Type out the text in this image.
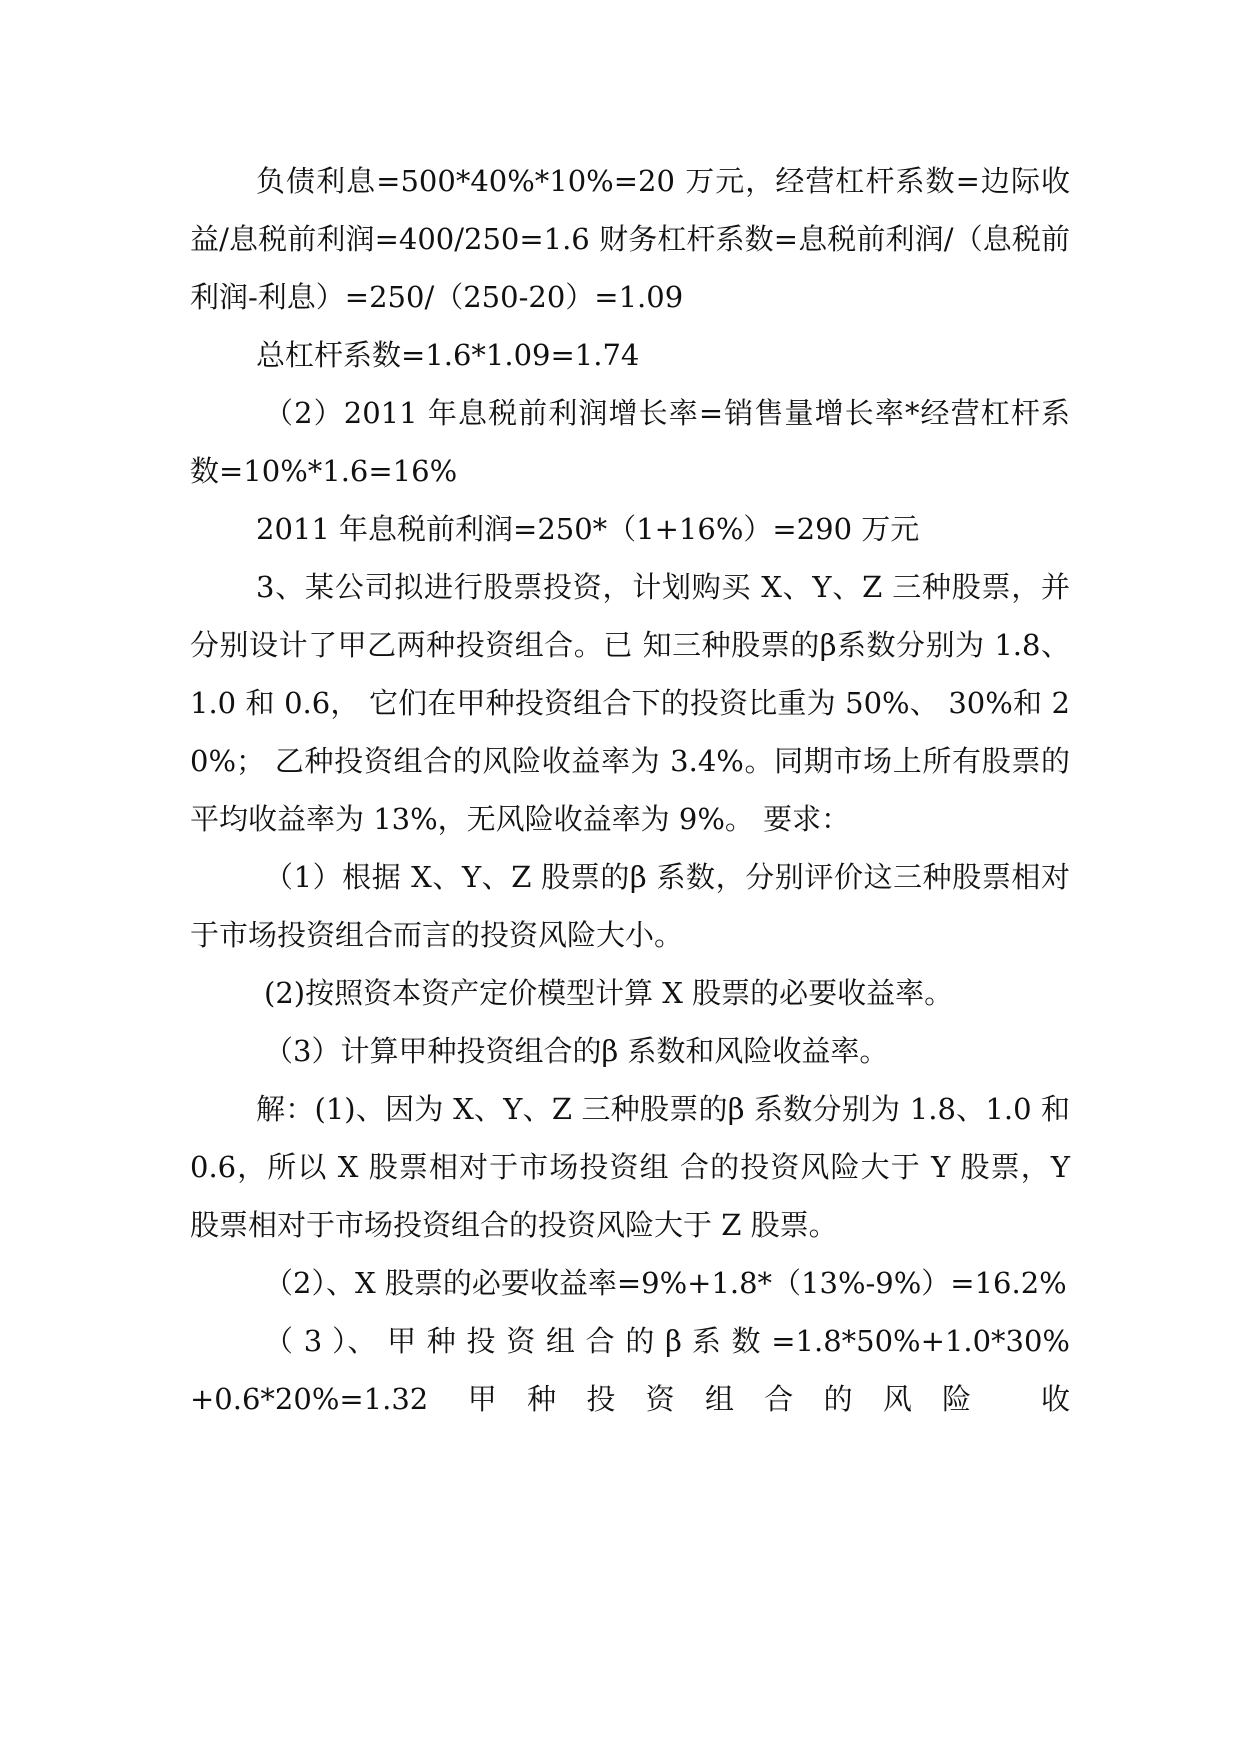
负债利息=500*40%*10%=20 万元，经营杠杆系数=边际收益/息税前利润=400/250=1.6 财务杠杆系数=息税前利润/（息税前利润-利息）=250/（250-20）=1.09

总杠杆系数=1.6*1.09=1.74

（2）2011 年息税前利润增长率=销售量增长率*经营杠杆系数=10%*1.6=16%

2011 年息税前利润=250*（1+16%）=290 万元

3、某公司拟进行股票投资，计划购买 X、Y、Z 三种股票，并分别设计了甲乙两种投资组合。已 知三种股票的β系数分别为 1.8、 1.0 和 0.6， 它们在甲种投资组合下的投资比重为 50%、 30%和 20%； 乙种投资组合的风险收益率为 3.4%。同期市场上所有股票的平均收益率为 13%，无风险收益率为 9%。 要求：

（1）根据 X、Y、Z 股票的β 系数，分别评价这三种股票相对于市场投资组合而言的投资风险大小。

(2)按照资本资产定价模型计算 X 股票的必要收益率。

（3）计算甲种投资组合的β 系数和风险收益率。

解：(1)、因为 X、Y、Z 三种股票的β 系数分别为 1.8、1.0 和 0.6，所以 X 股票相对于市场投资组 合的投资风险大于 Y 股票，Y 股票相对于市场投资组合的投资风险大于 Z 股票。

（2）、X 股票的必要收益率=9%+1.8*（13%-9%）=16.2%

（ 3 ）、 甲 种 投 资 组 合 的 β 系 数 =1.8*50%+1.0*30%+0.6*20%=1.32 甲种投资组合的风险 收
